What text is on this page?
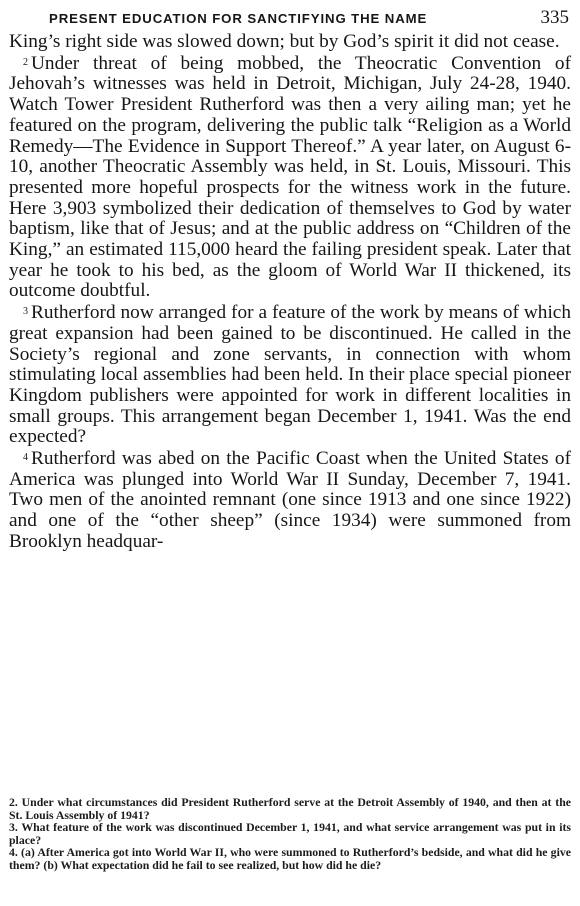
PRESENT EDUCATION FOR SANCTIFYING THE NAME	335

King’s right side was slowed down; but by God’s spirit it did not cease.

$^2$ Under threat of being mobbed, the Theocratic Convention of Jehovah’s witnesses was held in Detroit, Michigan, July 24-28, 1940. Watch Tower President Rutherford was then a very ailing man; yet he featured on the program, delivering the public talk “Religion as a World Remedy—The Evidence in Support Thereof.” A year later, on August 6-10, another Theocratic Assembly was held, in St. Louis, Missouri. This presented more hopeful prospects for the witness work in the future. Here 3,903 symbolized their dedication of themselves to God by water baptism, like that of Jesus; and at the public address on “Children of the King,” an estimated 115,000 heard the failing president speak. Later that year he took to his bed, as the gloom of World War II thickened, its outcome doubtful.

$^3$ Rutherford now arranged for a feature of the work by means of which great expansion had been gained to be discontinued. He called in the Society’s regional and zone servants, in connection with whom stimulating local assemblies had been held. In their place special pioneer Kingdom publishers were appointed for work in different localities in small groups. This arrangement began December 1, 1941. Was the end expected?

$^4$ Rutherford was abed on the Pacific Coast when the United States of America was plunged into World War II Sunday, December 7, 1941. Two men of the anointed remnant (one since 1913 and one since 1922) and one of the “other sheep” (since 1934) were summoned from Brooklyn headquar-

2. Under what circumstances did President Rutherford serve at the Detroit Assembly of 1940, and then at the St. Louis Assembly of 1941?

3. What feature of the work was discontinued December 1, 1941, and what service arrangement was put in its place?

4. (a) After America got into World War II, who were summoned to Rutherford’s bedside, and what did he give them? (b) What expectation did he fail to see realized, but how did he die?
